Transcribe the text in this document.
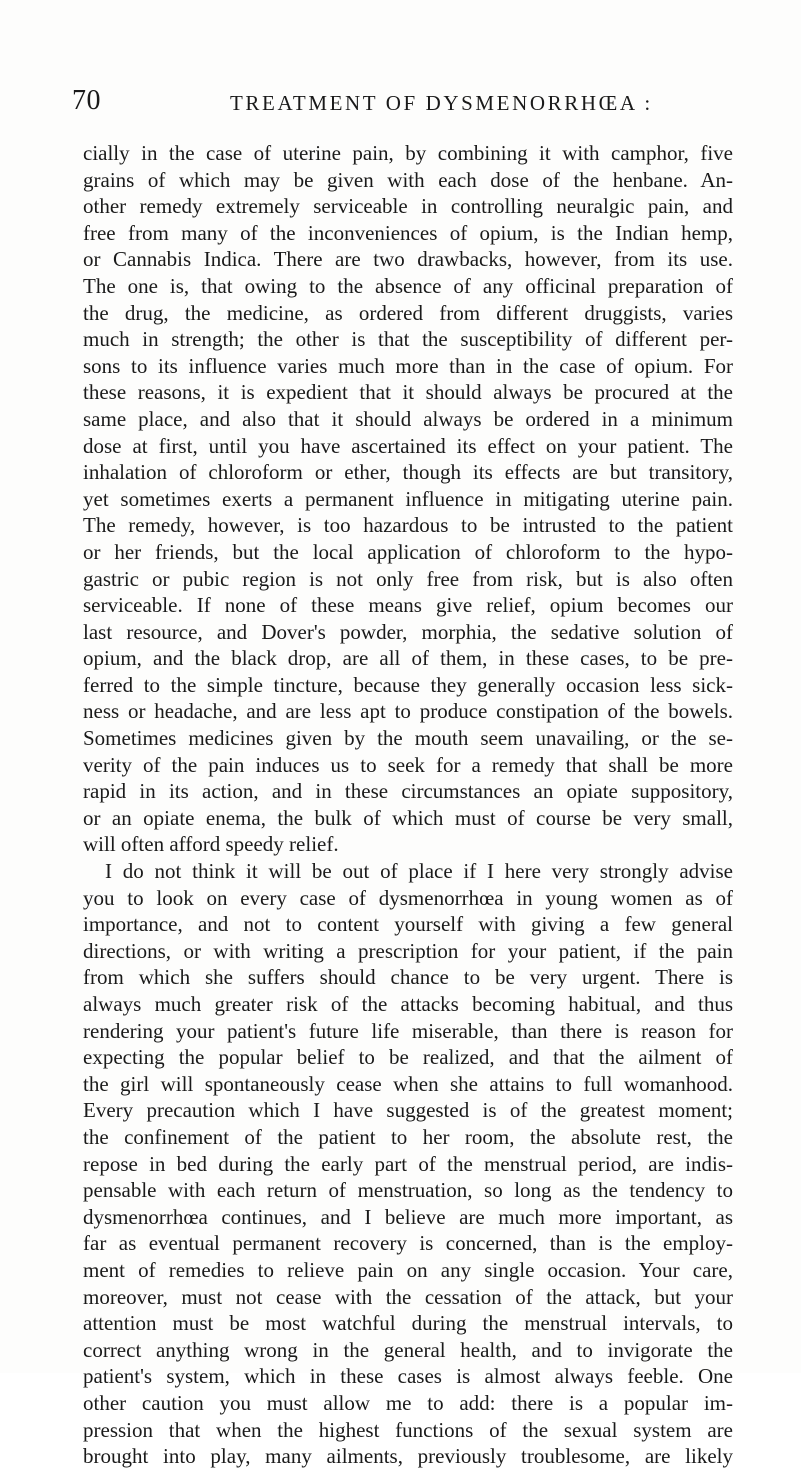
70	TREATMENT OF DYSMENORRHŒA :
cially in the case of uterine pain, by combining it with camphor, five
grains of which may be given with each dose of the henbane. An-
other remedy extremely serviceable in controlling neuralgic pain, and
free from many of the inconveniences of opium, is the Indian hemp,
or Cannabis Indica. There are two drawbacks, however, from its use.
The one is, that owing to the absence of any officinal preparation of
the drug, the medicine, as ordered from different druggists, varies
much in strength; the other is that the susceptibility of different per-
sons to its influence varies much more than in the case of opium. For
these reasons, it is expedient that it should always be procured at the
same place, and also that it should always be ordered in a minimum
dose at first, until you have ascertained its effect on your patient. The
inhalation of chloroform or ether, though its effects are but transitory,
yet sometimes exerts a permanent influence in mitigating uterine pain.
The remedy, however, is too hazardous to be intrusted to the patient
or her friends, but the local application of chloroform to the hypo-
gastric or pubic region is not only free from risk, but is also often
serviceable. If none of these means give relief, opium becomes our
last resource, and Dover's powder, morphia, the sedative solution of
opium, and the black drop, are all of them, in these cases, to be pre-
ferred to the simple tincture, because they generally occasion less sick-
ness or headache, and are less apt to produce constipation of the bowels.
Sometimes medicines given by the mouth seem unavailing, or the se-
verity of the pain induces us to seek for a remedy that shall be more
rapid in its action, and in these circumstances an opiate suppository,
or an opiate enema, the bulk of which must of course be very small,
will often afford speedy relief.
I do not think it will be out of place if I here very strongly advise
you to look on every case of dysmenorrhœa in young women as of
importance, and not to content yourself with giving a few general
directions, or with writing a prescription for your patient, if the pain
from which she suffers should chance to be very urgent. There is
always much greater risk of the attacks becoming habitual, and thus
rendering your patient's future life miserable, than there is reason for
expecting the popular belief to be realized, and that the ailment of
the girl will spontaneously cease when she attains to full womanhood.
Every precaution which I have suggested is of the greatest moment;
the confinement of the patient to her room, the absolute rest, the
repose in bed during the early part of the menstrual period, are indis-
pensable with each return of menstruation, so long as the tendency to
dysmenorrhœa continues, and I believe are much more important, as
far as eventual permanent recovery is concerned, than is the employ-
ment of remedies to relieve pain on any single occasion. Your care,
moreover, must not cease with the cessation of the attack, but your
attention must be most watchful during the menstrual intervals, to
correct anything wrong in the general health, and to invigorate the
patient's system, which in these cases is almost always feeble. One
other caution you must allow me to add: there is a popular im-
pression that when the highest functions of the sexual system are
brought into play, many ailments, previously troublesome, are likely
